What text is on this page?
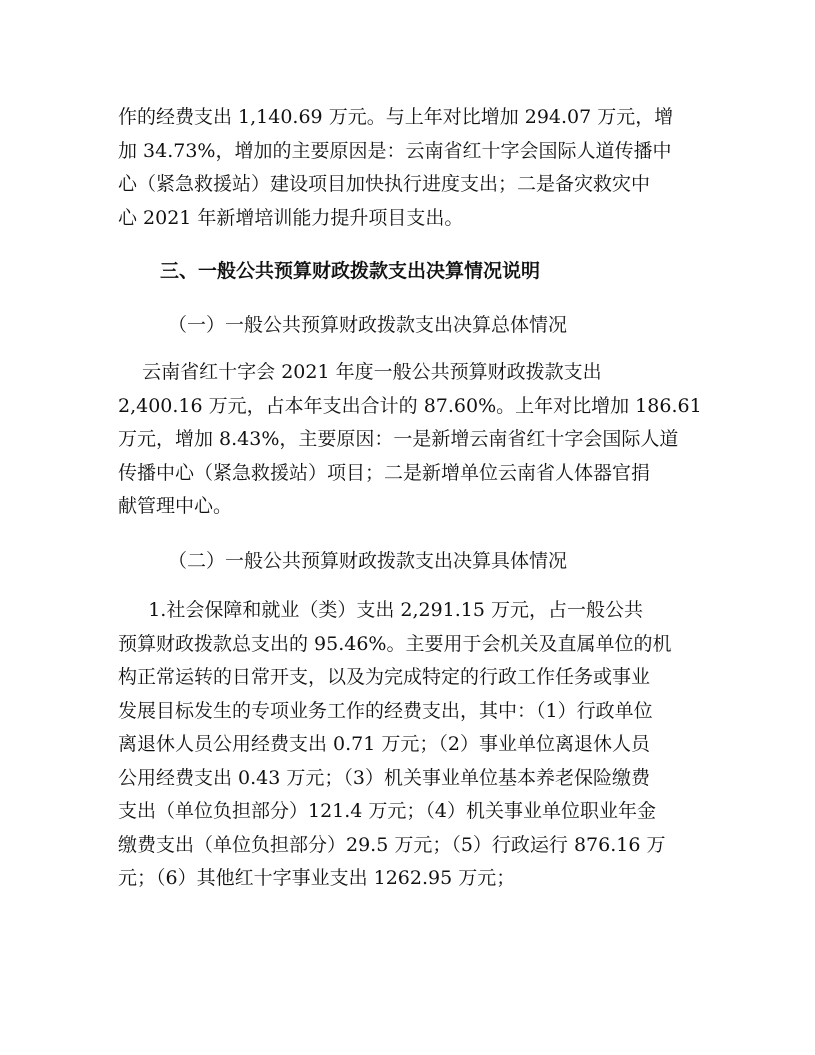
作的经费支出 1,140.69 万元。与上年对比增加 294.07 万元，增
加 34.73%，增加的主要原因是：云南省红十字会国际人道传播中
心（紧急救援站）建设项目加快执行进度支出；二是备灾救灾中
心 2021 年新增培训能力提升项目支出。
三、一般公共预算财政拨款支出决算情况说明
（一）一般公共预算财政拨款支出决算总体情况
云南省红十字会 2021 年度一般公共预算财政拨款支出
2,400.16 万元，占本年支出合计的 87.60%。上年对比增加 186.61
万元，增加 8.43%，主要原因：一是新增云南省红十字会国际人道
传播中心（紧急救援站）项目；二是新增单位云南省人体器官捐
献管理中心。
（二）一般公共预算财政拨款支出决算具体情况
1.社会保障和就业（类）支出 2,291.15 万元，占一般公共
预算财政拨款总支出的 95.46%。主要用于会机关及直属单位的机
构正常运转的日常开支，以及为完成特定的行政工作任务或事业
发展目标发生的专项业务工作的经费支出，其中：（1）行政单位
离退休人员公用经费支出 0.71 万元；（2）事业单位离退休人员
公用经费支出 0.43 万元；（3）机关事业单位基本养老保险缴费
支出（单位负担部分）121.4 万元；（4）机关事业单位职业年金
缴费支出（单位负担部分）29.5 万元；（5）行政运行 876.16 万
元；（6）其他红十字事业支出 1262.95 万元；
